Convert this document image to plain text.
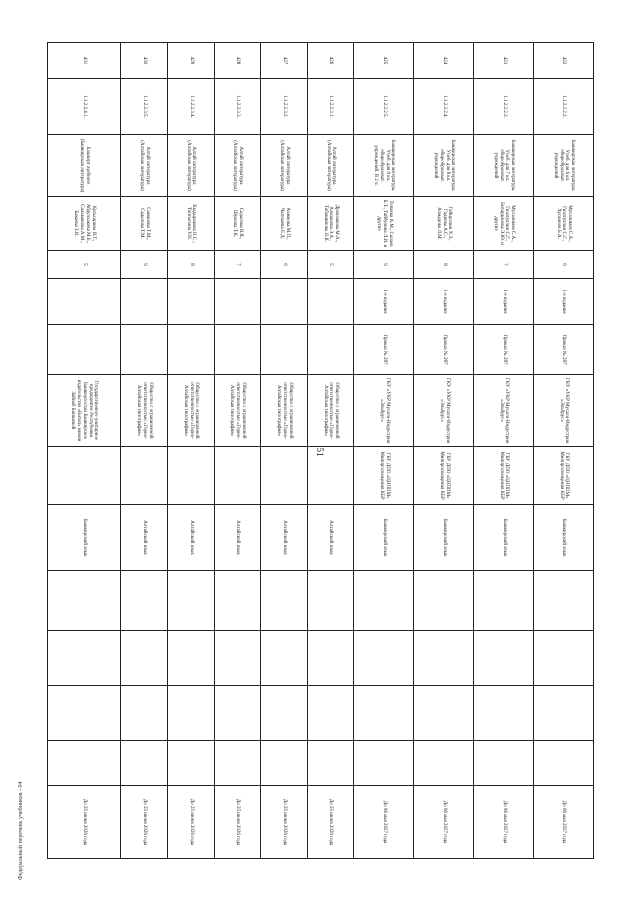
51
422	1.1.2.2.2.2.	Башкирская литература. Учеб. для 6 кл. общеобразоват. учреждений	Мусалимов С.А., Гизатуллин С.Г., Хусаинов Б.А.	6	1-е издание	Приказ № 287	ГКУ «УКР Мусаги-Индустрия «Эльбрус»	ГБУ ДПО «ЦНППМ» Минпросвещения КБР	Башкирский язык					До 06 мая 2027 года
423	1.1.2.2.2.3.	Башкирская литература. Учеб. для 7 кл. общеобразоват. учреждений	Мусалимов С.А., Гизатуллин С.Г., Бигаудинова Э.Ю. и другие	7	1-е издание	Приказ № 287	ГКУ «УКР Мусаги-Индустрия «Эльбрус»	ГБУ ДПО «ЦНППМ» Минпросвещения КБР	Башкирский язык					До 06 мая 2027 года
424	1.1.2.2.2.4.	Башкирская литература. Учеб. для 8 кл. общеобразоват. учреждений	Гайнуллин Х.З., Гадиева А.С., Ахмадова Л.М.	8	1-е издание	Приказ № 287	ГКУ «УКР Мусаги-Индустрия «Эльбрус»	ГБУ ДПО «ЦНППМ» Минпросвещения КБР	Башкирский язык					До 06 мая 2027 года
425	1.1.2.2.2.5.	Башкирская литература. Учеб. для 9 кл. общеобразоват. учреждений. В 2 ч.	Тепаева А.М., Салаев Б.Т., Тайбулина Л.И. и другие	9	1-е издание	Приказ № 287	ГКУ «УКР Мусаги-Индустрия «Эльбрус»	ГБУ ДПО «ЦНППМ» Минпросвещения КБР	Башкирский язык					До 06 мая 2027 года
426	1.1.2.2.3.1.	Алтай литература (Алтайская литература)	Дрокзакова М.А., Альчанова Э.А., Табашинова Н.К.	5			Общество с ограниченной ответственностью «Горно-Алтайская типография»		Алтайский язык					До 25 июня 2026 года
427	1.1.2.2.3.2.	Алтай литература (Алтайская литература)	Ачимова М.П., Чалчыева Е.Д.	6			Общество с ограниченной ответственностью «Горно-Алтайская типография»		Алтайский язык					До 25 июня 2026 года
428	1.1.2.2.3.3.	Алтай литература (Алтайская литература)	Садалова В.Я., Шумова Т.К.	7			Общество с ограниченной ответственностью «Горно-Алтайская типография»		Алтайский язык					До 25 июня 2026 года
429	1.1.2.2.3.4.	Алтай литература (Алтайская литература)	Кыдыракова Н.С., Топтыгина У.Н.	8			Общество с ограниченной ответственностью «Горно-Алтайская типография»		Алтайский язык					До 25 июня 2026 года
430	1.1.2.2.3.5.	Алтай литература (Алтайская литература)	Саманова Т.М., Садалова Т.М.	9			Общество с ограниченной ответственностью «Горно-Алтайская типография»		Алтайский язык					До 25 июня 2026 года
431	1.1.2.2.4.1.	Башкорт әҙәбиәте (Башкирская литература)	Кульсарина И.Г., Абдулхакова М.Б., Сальманова А.М., Бакаева З.И.	5			Государственное унитарное предприятие Республики Башкортостан Башкирское издательство «Китап» имени Зайнаб Биишевой		Башкирский язык					До 25 июня 2026 года
Федеральный перечень учебников - 04
